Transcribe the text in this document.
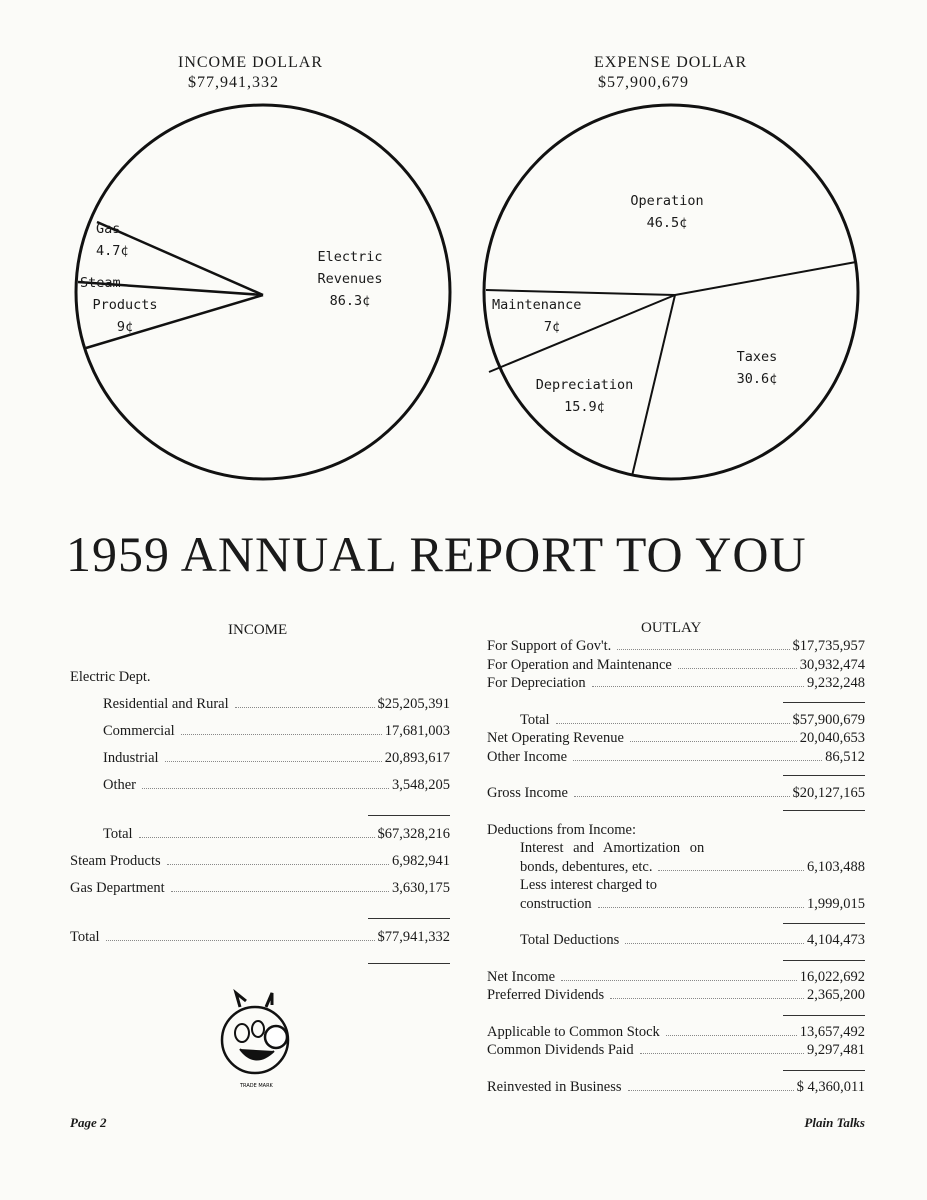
INCOME DOLLAR
$77,941,332
EXPENSE DOLLAR
$57,900,679
Gas
4.7¢
Steam
Products
9¢
Electric
Revenues
86.3¢
Operation
46.5¢
Taxes
30.6¢
Depreciation
15.9¢
Maintenance
7¢
1959 ANNUAL REPORT TO YOU
INCOME
Electric Dept.
Residential and Rural	$25,205,391
Commercial	17,681,003
Industrial	20,893,617
Other	3,548,205
Total	$67,328,216
Steam Products	6,982,941
Gas Department	3,630,175
Total	$77,941,332
TRADE MARK
OUTLAY
For Support of Gov't.	$17,735,957
For Operation and Maintenance	30,932,474
For Depreciation	9,232,248
Total	$57,900,679
Net Operating Revenue	20,040,653
Other Income	86,512
Gross Income	$20,127,165
Deductions from Income:
Interest and Amortization on
bonds, debentures, etc.	6,103,488
Less interest charged to
construction	1,999,015
Total Deductions	4,104,473
Net Income	16,022,692
Preferred Dividends	2,365,200
Applicable to Common Stock	13,657,492
Common Dividends Paid	9,297,481
Reinvested in Business	$ 4,360,011
Page 2	Plain Talks
